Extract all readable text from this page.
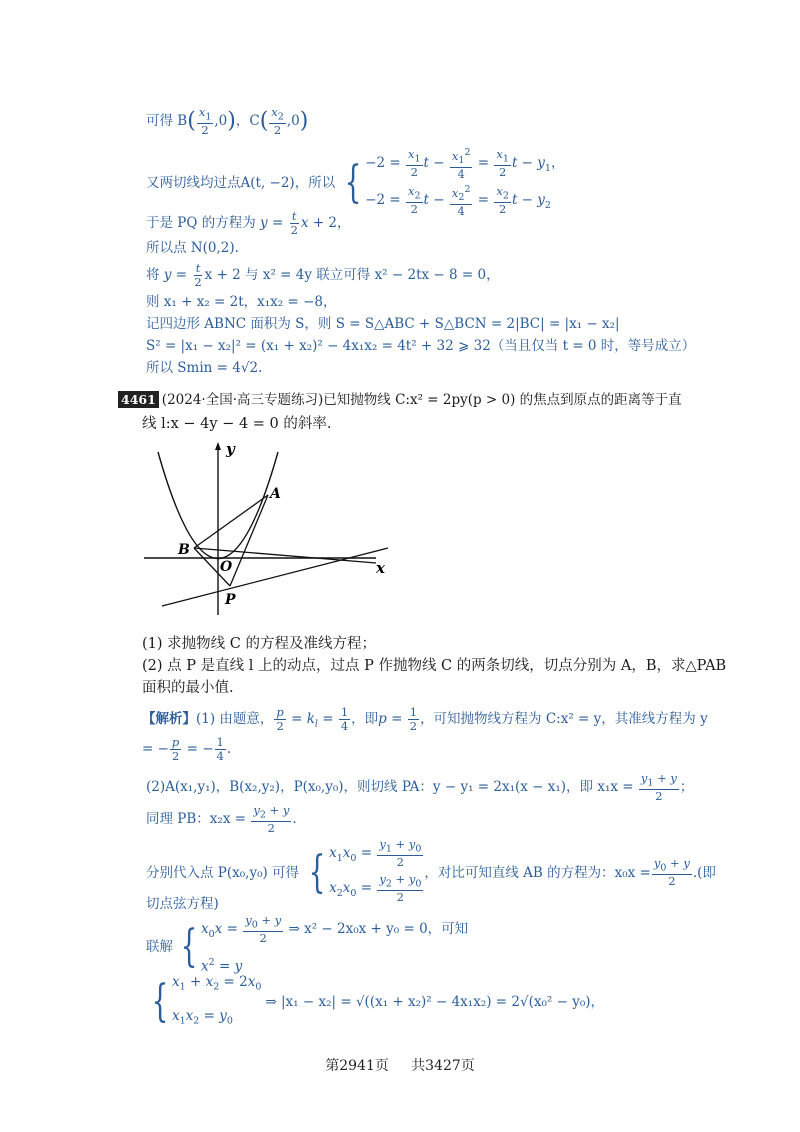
可得 $B( \frac{x_1}{2} ,0)$，$C( \frac{x_2}{2} ,0)$
又两切线均过点A(t, −2)，所以 { $-2 = \frac{x_1}{2}$ $t - \frac{x_1^2}{4} = \frac{x_1}{2}$ $t - y_1$，
$-2 = \frac{x_2}{2}$ $t - \frac{x_2^2}{4} = \frac{x_2}{2}$ $t - y_2$
于是 PQ 的方程为 $y = \frac{t}{2}$ x + 2，
所以点 N(0,2).
将 $y = \frac{t}{2}$ x + 2 与 x² = 4y 联立可得 x² − 2tx − 8 = 0，
则 x₁ + x₂ = 2t，x₁x₂ = −8，
记四边形 ABNC 面积为 S，则 S = S△ABC + S△BCN = 2|BC| = |x₁ − x₂|
S² = |x₁ − x₂|² = (x₁ + x₂)² − 4x₁x₂ = 4t² + 32 ⩾ 32（当且仅当 t = 0 时，等号成立）
所以 Smin = 4√2.
4461 (2024·全国·高三专题练习)已知抛物线 C:x² = 2py(p > 0) 的焦点到原点的距离等于直
线 l:x − 4y − 4 = 0 的斜率.
y
x
A
B
O
P
(1) 求抛物线 C 的方程及准线方程；
(2) 点 P 是直线 l 上的动点，过点 P 作抛物线 C 的两条切线，切点分别为 A，B，求△PAB
面积的最小值.
【解析】(1) 由题意， $\frac{p}{2} = k_l = \frac{1}{4}$ ，即$p = \frac{1}{2}$ ，可知抛物线方程为 C:x² = y，其准线方程为 y
= − $\frac{p}{2}$ = − $\frac{1}{4}$ .
(2)A(x₁,y₁)，B(x₂,y₂)，P(x₀,y₀)，则切线 PA：y − y₁ = 2x₁(x − x₁)，即 $x_1x = \frac{y_1 + y}{2}$ ；
同理 PB：$x_2x = \frac{y_2 + y}{2}$ .
分别代入点 P(x₀,y₀) 可得 { $x_1x_0 = \frac{y_1 + y_0}{2}$
$x_2x_0 = \frac{y_2 + y_0}{2}$ ，对比可知直线 AB 的方程为：$x_0x = \frac{y_0 + y}{2}$ .(即
切点弦方程)
联解 { $x_0x = \frac{y_0 + y}{2}$ ⇒ x² − 2x₀x + y₀ = 0，可知
$x^2 = y$
{ $x_1 + x_2 = 2x_0$
$x_1x_2 = y_0$
⇒ |x₁ − x₂| = √((x₁ + x₂)² − 4x₁x₂) = 2√(x₀² − y₀)，
第2941页 共3427页
